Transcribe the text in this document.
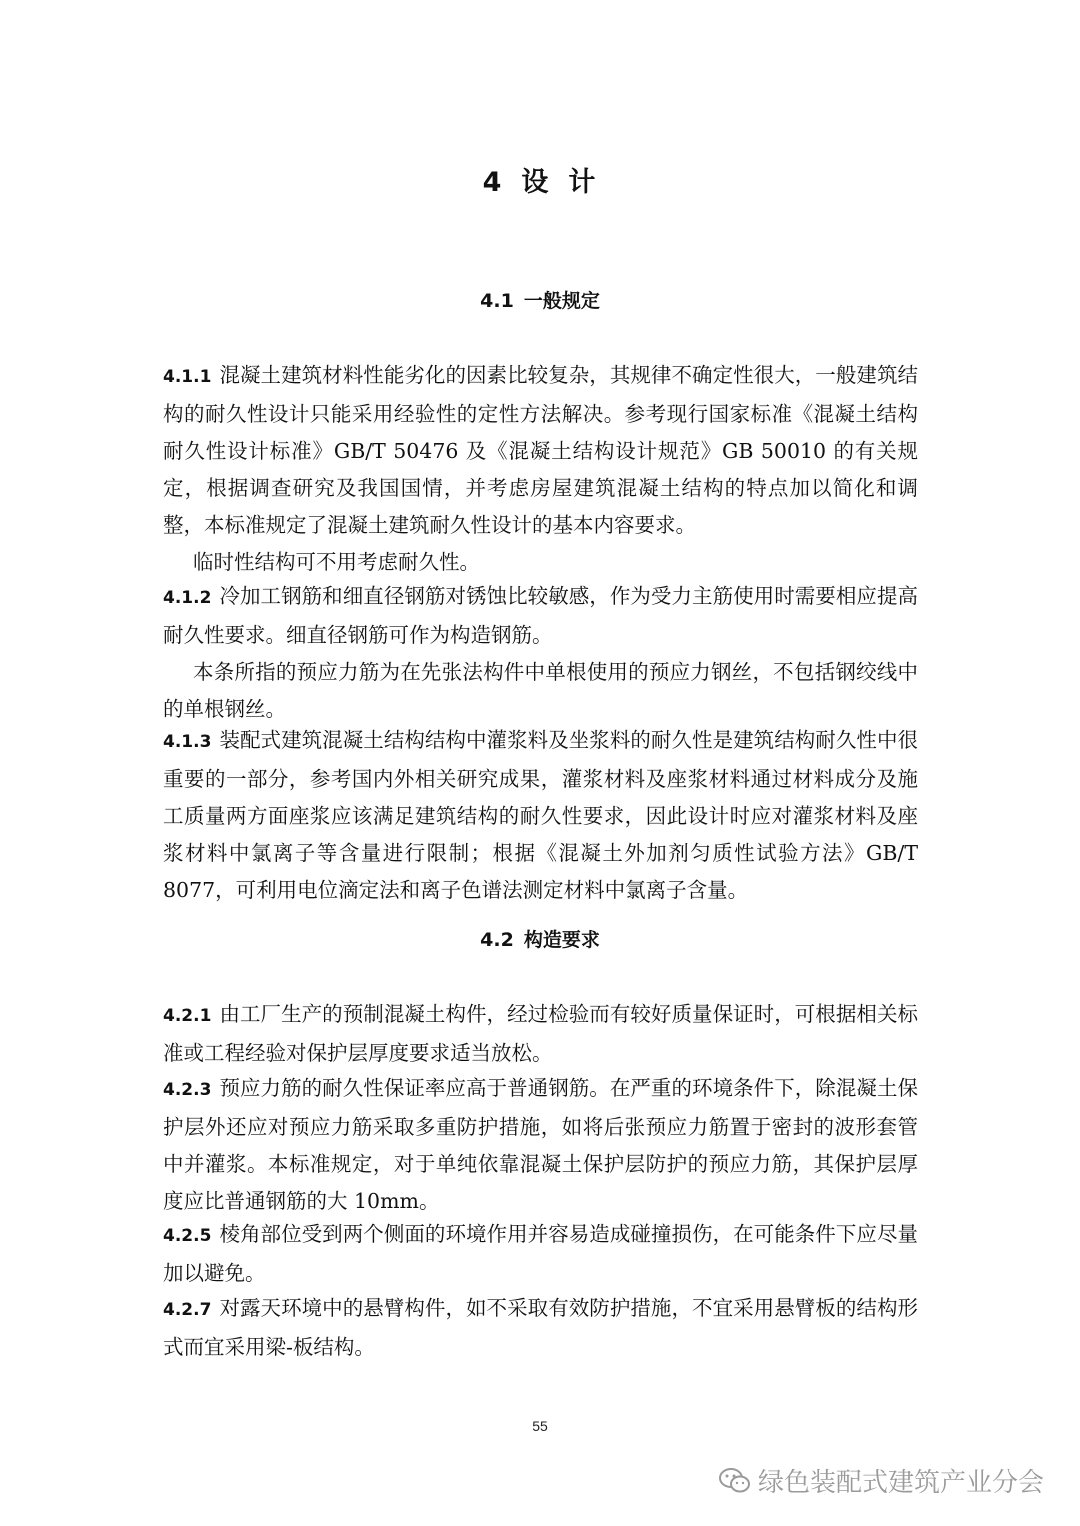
4 设 计
4.1 一般规定

4.1.1 混凝土建筑材料性能劣化的因素比较复杂，其规律不确定性很大，一般建筑结构的耐久性设计只能采用经验性的定性方法解决。参考现行国家标准《混凝土结构耐久性设计标准》GB/T 50476 及《混凝土结构设计规范》GB 50010 的有关规定，根据调查研究及我国国情，并考虑房屋建筑混凝土结构的特点加以简化和调整，本标准规定了混凝土建筑耐久性设计的基本内容要求。

临时性结构可不用考虑耐久性。

4.1.2 冷加工钢筋和细直径钢筋对锈蚀比较敏感，作为受力主筋使用时需要相应提高耐久性要求。细直径钢筋可作为构造钢筋。

本条所指的预应力筋为在先张法构件中单根使用的预应力钢丝，不包括钢绞线中的单根钢丝。

4.1.3 装配式建筑混凝土结构结构中灌浆料及坐浆料的耐久性是建筑结构耐久性中很重要的一部分，参考国内外相关研究成果，灌浆材料及座浆材料通过材料成分及施工质量两方面座浆应该满足建筑结构的耐久性要求，因此设计时应对灌浆材料及座浆材料中氯离子等含量进行限制；根据《混凝土外加剂匀质性试验方法》GB/T 8077，可利用电位滴定法和离子色谱法测定材料中氯离子含量。

4.2 构造要求

4.2.1 由工厂生产的预制混凝土构件，经过检验而有较好质量保证时，可根据相关标准或工程经验对保护层厚度要求适当放松。

4.2.3 预应力筋的耐久性保证率应高于普通钢筋。在严重的环境条件下，除混凝土保护层外还应对预应力筋采取多重防护措施，如将后张预应力筋置于密封的波形套管中并灌浆。本标准规定，对于单纯依靠混凝土保护层防护的预应力筋，其保护层厚度应比普通钢筋的大 10mm。

4.2.5 棱角部位受到两个侧面的环境作用并容易造成碰撞损伤，在可能条件下应尽量加以避免。

4.2.7 对露天环境中的悬臂构件，如不采取有效防护措施，不宜采用悬臂板的结构形式而宜采用梁-板结构。

55
绿色装配式建筑产业分会
